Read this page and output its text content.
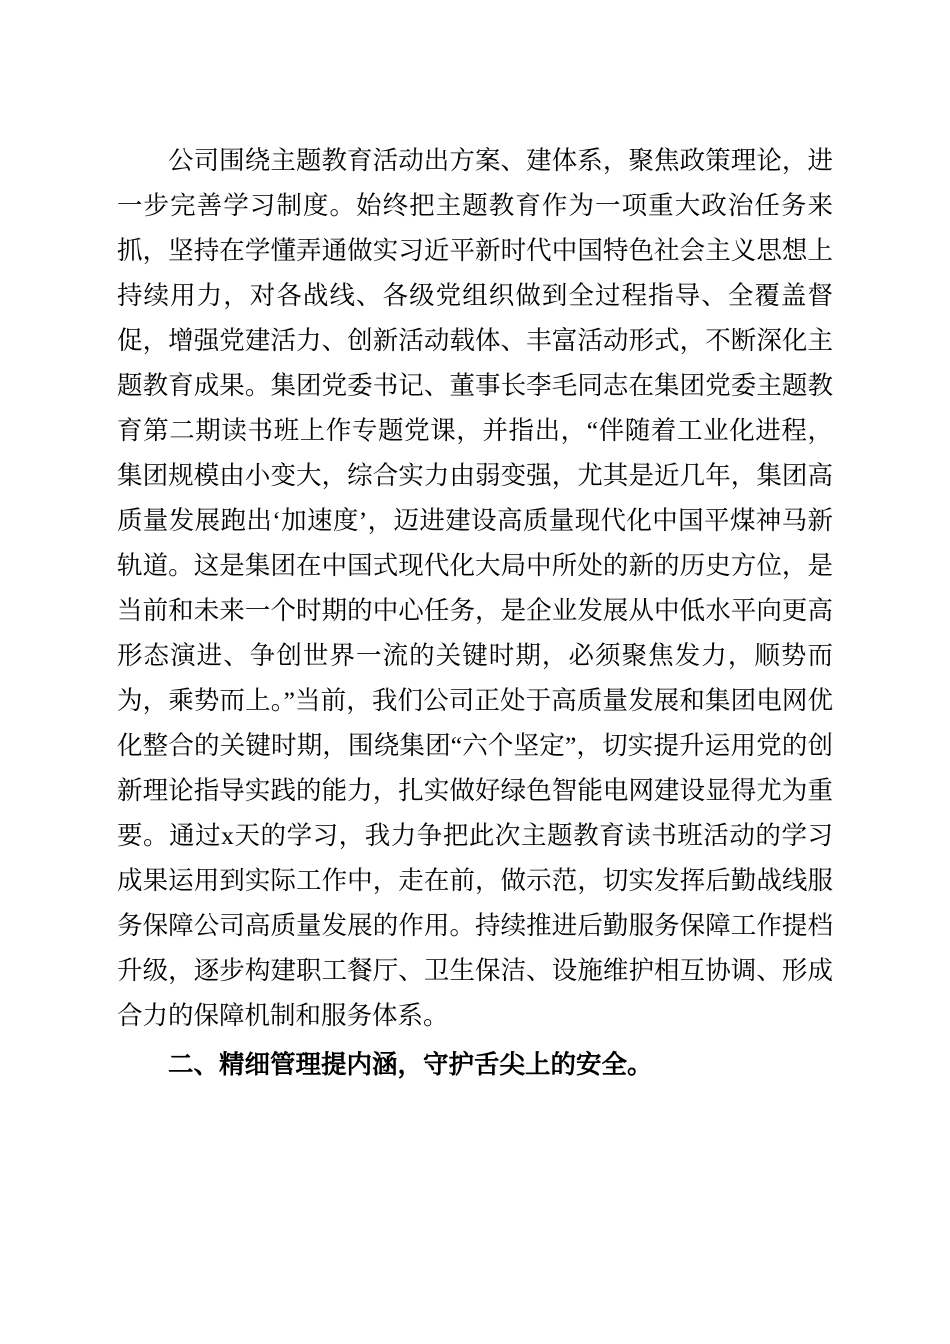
公司围绕主题教育活动出方案、建体系，聚焦政策理论，进一步完善学习制度。始终把主题教育作为一项重大政治任务来抓，坚持在学懂弄通做实习近平新时代中国特色社会主义思想上持续用力，对各战线、各级党组织做到全过程指导、全覆盖督促，增强党建活力、创新活动载体、丰富活动形式，不断深化主题教育成果。集团党委书记、董事长李毛同志在集团党委主题教育第二期读书班上作专题党课，并指出，“伴随着工业化进程，集团规模由小变大，综合实力由弱变强，尤其是近几年，集团高质量发展跑出‘加速度’，迈进建设高质量现代化中国平煤神马新轨道。这是集团在中国式现代化大局中所处的新的历史方位，是当前和未来一个时期的中心任务，是企业发展从中低水平向更高形态演进、争创世界一流的关键时期，必须聚焦发力，顺势而为，乘势而上。”当前，我们公司正处于高质量发展和集团电网优化整合的关键时期，围绕集团“六个坚定”，切实提升运用党的创新理论指导实践的能力，扎实做好绿色智能电网建设显得尤为重要。通过x天的学习，我力争把此次主题教育读书班活动的学习成果运用到实际工作中，走在前，做示范，切实发挥后勤战线服务保障公司高质量发展的作用。持续推进后勤服务保障工作提档升级，逐步构建职工餐厅、卫生保洁、设施维护相互协调、形成合力的保障机制和服务体系。

二、精细管理提内涵，守护舌尖上的安全。
